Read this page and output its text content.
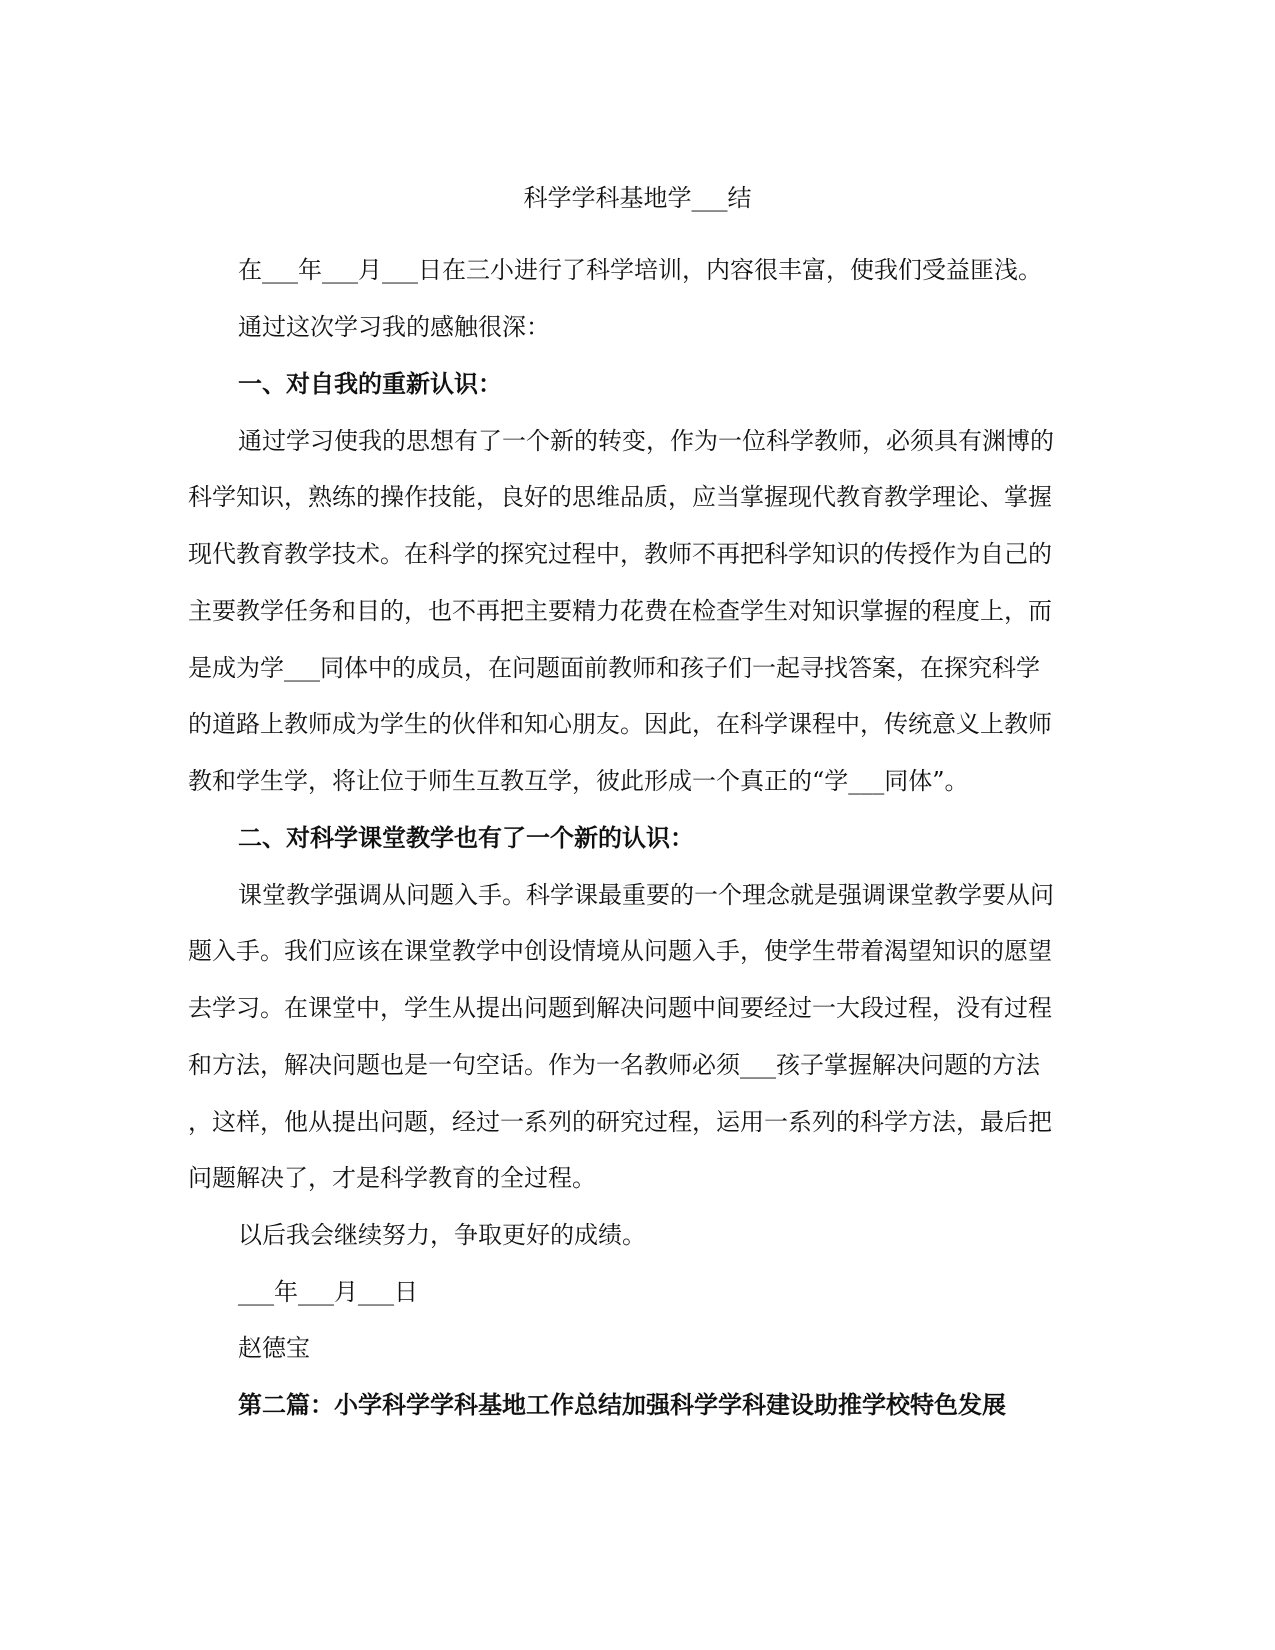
科学学科基地学___结
在___年___月___日在三小进行了科学培训，内容很丰富，使我们受益匪浅。
通过这次学习我的感触很深：
一、对自我的重新认识：
通过学习使我的思想有了一个新的转变，作为一位科学教师，必须具有渊博的
科学知识，熟练的操作技能，良好的思维品质，应当掌握现代教育教学理论、掌握
现代教育教学技术。在科学的探究过程中，教师不再把科学知识的传授作为自己的
主要教学任务和目的，也不再把主要精力花费在检查学生对知识掌握的程度上，而
是成为学___同体中的成员，在问题面前教师和孩子们一起寻找答案，在探究科学
的道路上教师成为学生的伙伴和知心朋友。因此，在科学课程中，传统意义上教师
教和学生学，将让位于师生互教互学，彼此形成一个真正的“学___同体”。
二、对科学课堂教学也有了一个新的认识：
课堂教学强调从问题入手。科学课最重要的一个理念就是强调课堂教学要从问
题入手。我们应该在课堂教学中创设情境从问题入手，使学生带着渴望知识的愿望
去学习。在课堂中，学生从提出问题到解决问题中间要经过一大段过程，没有过程
和方法，解决问题也是一句空话。作为一名教师必须___孩子掌握解决问题的方法
，这样，他从提出问题，经过一系列的研究过程，运用一系列的科学方法，最后把
问题解决了，才是科学教育的全过程。
以后我会继续努力，争取更好的成绩。
___年___月___日
赵德宝
第二篇：小学科学学科基地工作总结加强科学学科建设助推学校特色发展
